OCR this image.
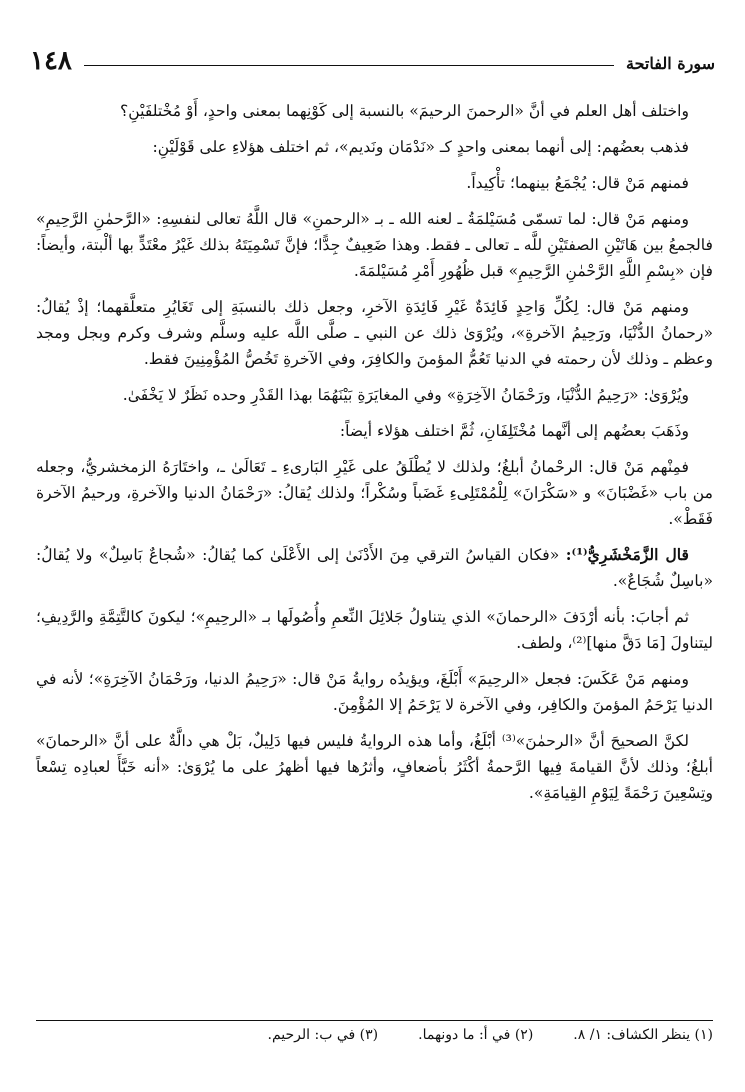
١٤٨	سورة الفاتحة

واختلف أهل العلم في أنَّ «الرحمنَ الرحيمَ» بالنسبة إلى كَوْنِهما بمعنى واحدٍ، أَوْ مُخْتلفَيْنِ؟

فذهب بعضُهم: إلى أنهما بمعنى واحدٍ كـ «نَدْمَان ونَديم»، ثم اختلف هؤلاءِ على قَوْلَيْنِ:

فمنهم مَنْ قال: يُجْمَعُ بينهما؛ تأْكِيداً.

ومنهم مَنْ قال: لما تسمّى مُسَيْلمَةُ ـ لعنه الله ـ بـ «الرحمنِ» قال اللَّهُ تعالى لنفسِهِ: «الرَّحمٰنِ الرَّحِيمِ» فالجمعُ بين هَاتَيْنِ الصفتَيْنِ للَّه ـ تعالى ـ فقط. وهذا ضَعِيفٌ جِدًّا؛ فإنَّ تَسْمِيَتَهُ بذلك غَيْرُ معْتَدٍّ بها ألْبتة، وأيضاً: فإن «بِسْمِ اللَّهِ الرَّحْمٰنِ الرَّحِيمِ» قبل ظُهُورِ أَمْرِ مُسَيْلمَةَ.

ومنهم مَنْ قال: لِكُلِّ وَاحِدٍ فَائِدَةٌ غَيْرِ فَائِدَةِ الآخرِ، وجعل ذلك بالنسبَةِ إلى تَغَايُرِ متعلَّقهما؛ إذْ يُقالُ: «رحمانُ الدُّنْيَا، ورَحِيمُ الآخرةِ»، ويُرْوَىٰ ذلك عن النبي ـ صلَّى اللَّه عليه وسلَّم وشرف وكرم وبجل ومجد وعظم ـ وذلك لأن رحمته في الدنيا تَعُمُّ المؤمنَ والكافِرَ، وفي الآخرةِ تَخُصُّ المُؤْمِنِينَ فقط.

ويُرْوَىٰ: «رَحِيمُ الدُّنْيَا، ورَحْمَانُ الآخِرَةِ» وفي المغايَرَةِ بَيْنَهُمَا بهذا القَدْرِ وحده نَظَرٌ لا يَخْفَىٰ.

وذَهَبَ بعضُهم إلى أنَّهما مُخْتَلِفَانِ، ثُمَّ اختلف هؤلاء أيضاً:

فمِنْهم مَنْ قال: الرحْمانُ أبلغُ؛ ولذلك لا يُطْلَقُ على غَيْرِ البَارىءِ ـ تَعَالَىٰ ـ، واختَارَهُ الزمخشريُّ، وجعله من باب «غَضْبَانَ» و «سَكْرَانَ» لِلْمُمْتَلِىءِ غَضَباً وسُكْراً؛ ولذلك يُقالُ: «رَحْمَانُ الدنيا والآخرةِ، ورحيمُ الآخرة فَقَطْ».

قال الزَّمَخْشَرِيُّ⁽¹⁾: «فكان القياسُ الترقي مِنَ الأَدْنَىٰ إلى الأَعْلَىٰ كما يُقالُ: «شُجاعٌ بَاسِلٌ» ولا يُقالُ: «باسِلٌ شُجَاعٌ».

ثم أجابَ: بأنه أرْدَفَ «الرحمانَ» الذي يتناولُ جَلائِلَ النِّعمِ وأُصُولَها بـ «الرحِيمِ»؛ ليكونَ كالتَّتِمَّةِ والرَّدِيفِ؛ ليتناولَ [مَا دَقَّ منها]⁽²⁾، ولطف.

ومنهم مَنْ عَكَسَ: فجعل «الرحِيمَ» أَبْلَغَ، ويؤيدُه روايةُ مَنْ قال: «رَحِيمُ الدنيا، ورَحْمَانُ الآخِرَةِ»؛ لأنه في الدنيا يَرْحَمُ المؤمنَ والكافِر، وفي الآخرة لا يَرْحَمُ إلا المُؤْمِنَ.

لكنَّ الصحيحَ أنَّ «الرحمٰنَ»⁽³⁾ أبْلَغُ، وأما هذه الروايةُ فليس فيها دَلِيلٌ، بَلْ هي دالَّةٌ على أنَّ «الرحمانَ» أبلغُ؛ وذلك لأنَّ القيامةَ فِيها الرَّحمةُ أكْثَرُ بأضعافٍ، وأثرُها فيها أظهرُ على ما يُرْوَىٰ: «أنه خَبَّأَ لعبادِه تِسْعاً وتِسْعِينَ رَحْمَةً لِيَوْمِ القِيامَةِ».

(١) ينظر الكشاف: ١/ ٨.
(٢) في أ: ما دونهما.
(٣) في ب: الرحيم.
